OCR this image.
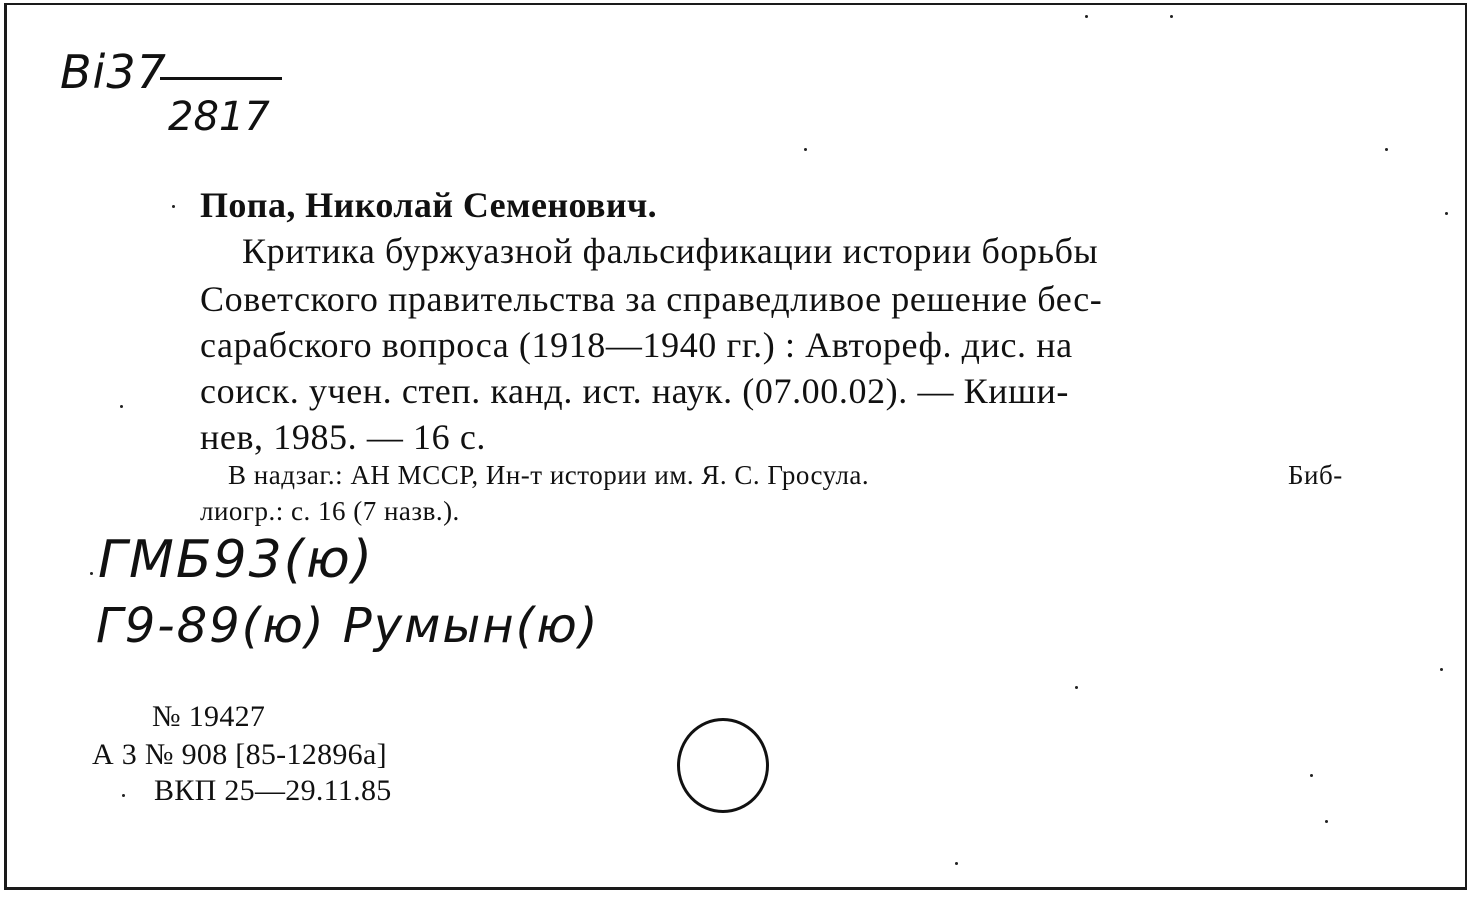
Bi37
2817
Попа, Николай Семенович.
Критика буржуазной фальсификации истории борьбы
Советского правительства за справедливое решение бес-
сарабского вопроса (1918—1940 гг.) : Автореф. дис. на
соиск. учен. степ. канд. ист. наук. (07.00.02). — Киши-
нев, 1985. — 16 с.
В надзаг.: АН МССР, Ин-т истории им. Я. С. Гросула.	Биб-
лиогр.: с. 16 (7 назв.).
ГМБ93(ю)
Г9-89(ю) Румын(ю)
№ 19427
А 3 № 908 [85-12896а]
ВКП 25—29.11.85
